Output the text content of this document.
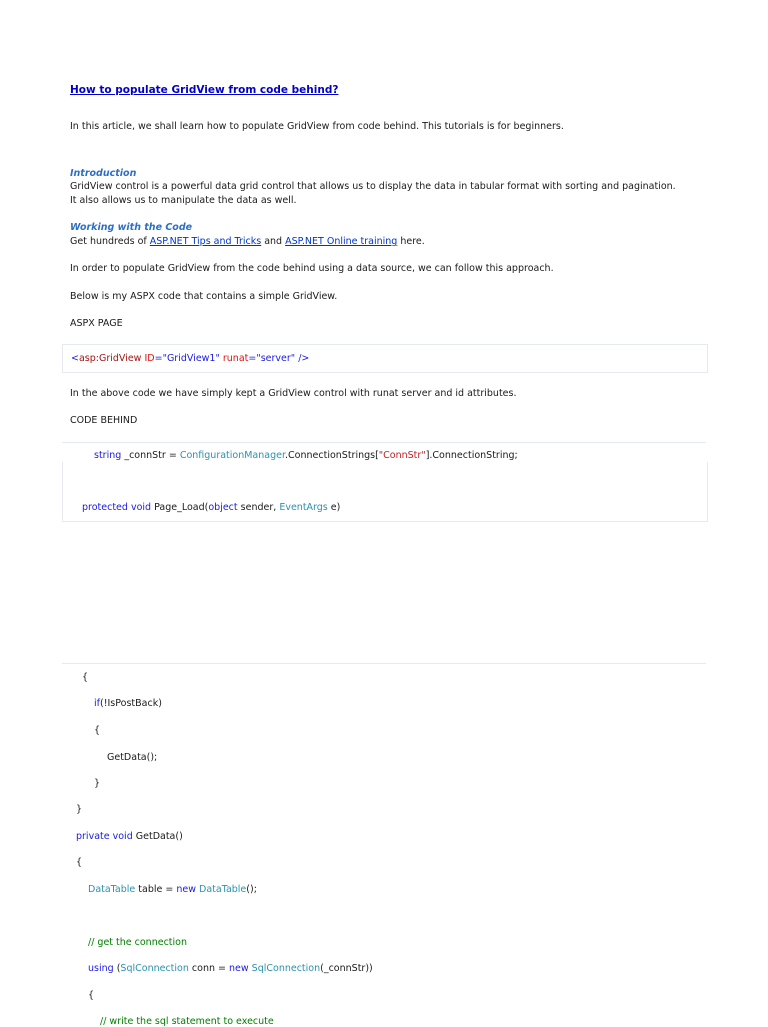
How to populate GridView from code behind?
In this article, we shall learn how to populate GridView from code behind. This tutorials is for beginners.
Introduction
GridView control is a powerful data grid control that allows us to display the data in tabular format with sorting and pagination.
It also allows us to manipulate the data as well.
Working with the Code
Get hundreds of ASP.NET Tips and Tricks and ASP.NET Online training here.
In order to populate GridView from the code behind using a data source, we can follow this approach.
Below is my ASPX code that contains a simple GridView.
ASPX PAGE
<asp:GridView ID="GridView1" runat="server" />
In the above code we have simply kept a GridView control with runat server and id attributes.
CODE BEHIND
string _connStr = ConfigurationManager.ConnectionStrings["ConnStr"].ConnectionString;
protected void Page_Load(object sender, EventArgs e)
{
if(!IsPostBack)
{
GetData();
}
}
private void GetData()
{
DataTable table = new DataTable();
// get the connection
using (SqlConnection conn = new SqlConnection(_connStr))
{
// write the sql statement to execute
